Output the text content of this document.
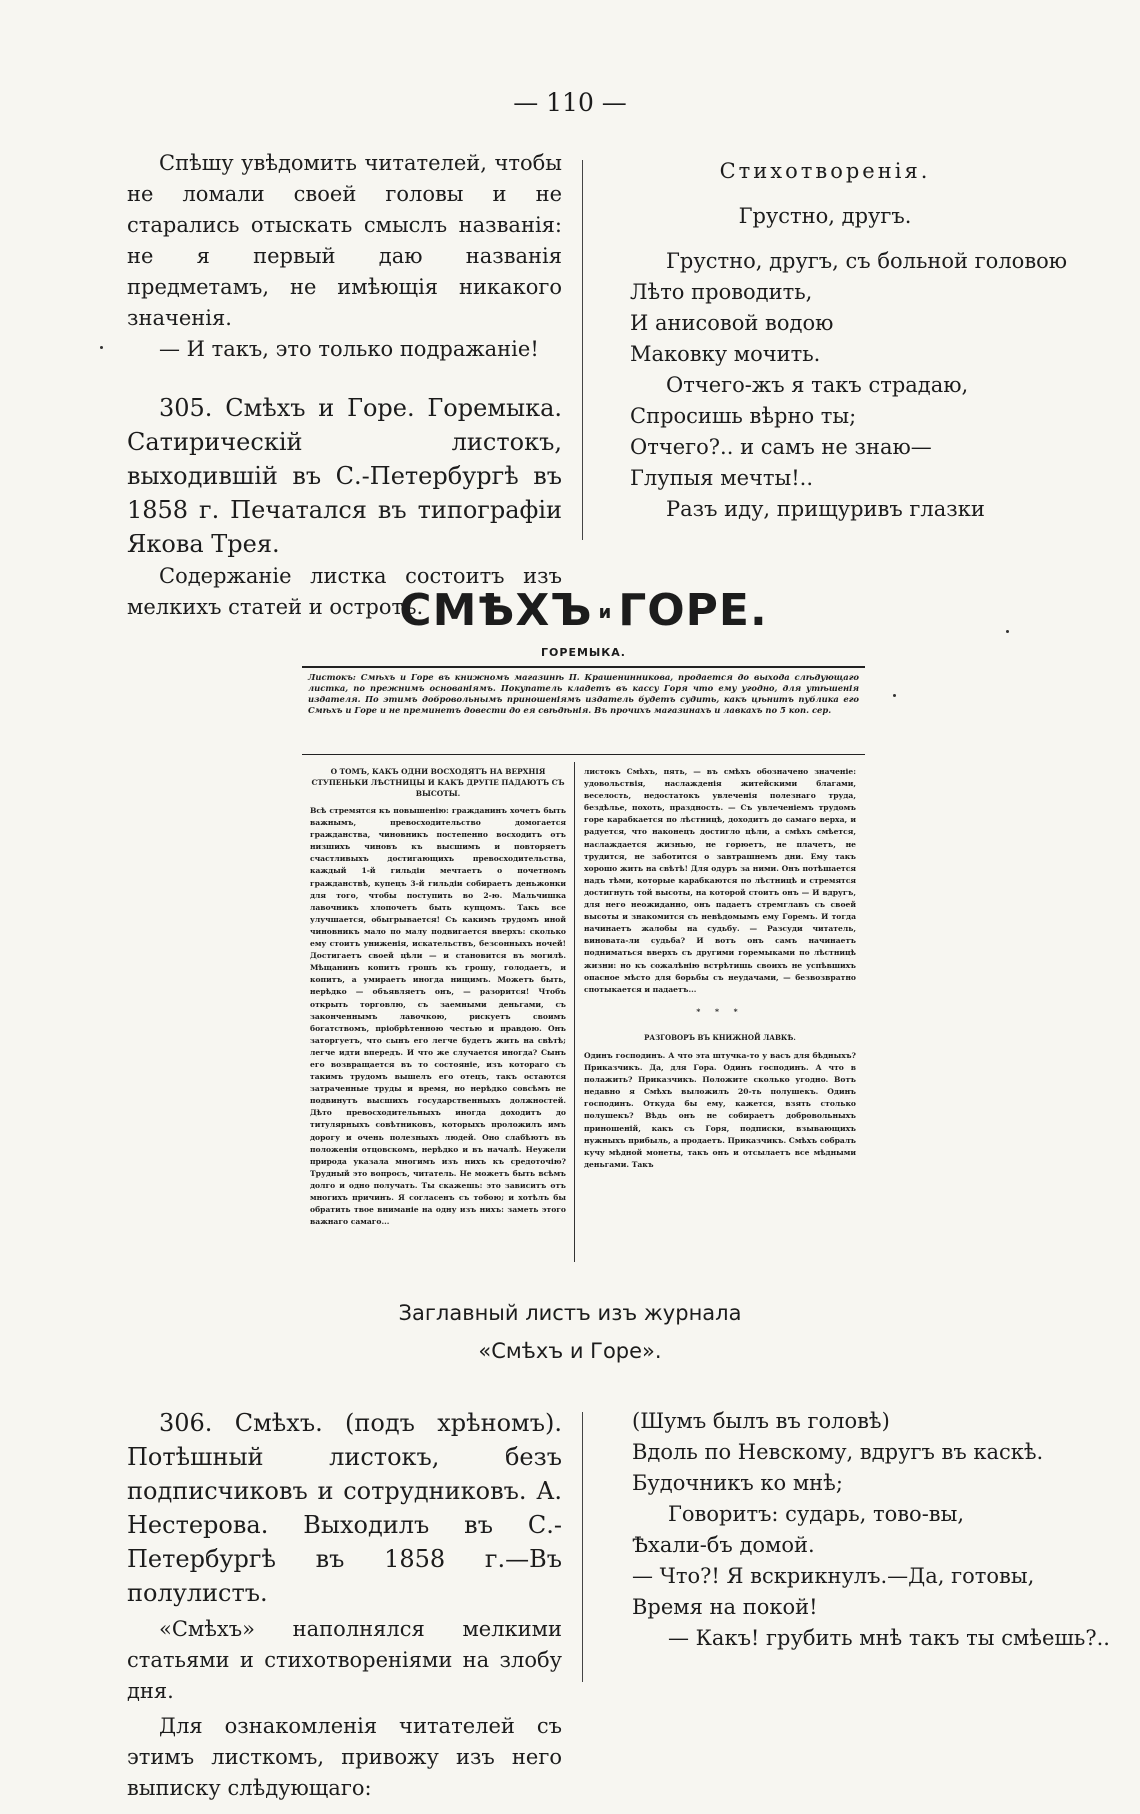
— 110 —

Спѣшу увѣдомить читателей, чтобы не ломали своей головы и не старались отыскать смыслъ названія: не я первый даю названія предметамъ, не имѣющія никакого значенія.

— И такъ, это только подражаніе!

305. Смѣхъ и Горе. Горемыка. Сатирическій листокъ, выходившій въ С.-Петербургѣ въ 1858 г. Печатался въ типографіи Якова Трея.

Содержаніе листка состоитъ изъ мелкихъ статей и остротъ.

Стихотворенія.

Грустно, другъ.

Грустно, другъ, съ больной головою

Лѣто проводить,

И анисовой водою

Маковку мочить.

Отчего-жъ я такъ страдаю,

Спросишь вѣрно ты;

Отчего?.. и самъ не знаю—

Глупыя мечты!..

Разъ иду, прищуривъ глазки

СМѢХЪ и ГОРЕ.
ГОРЕМЫКА.
Листокъ: Смѣхъ и Горе въ книжномъ магазинѣ П. Крашенинникова, продается до выхода слѣдующаго листка, по прежнимъ основаніямъ. Покупатель кладетъ въ кассу Горя что ему угодно, для утѣшенія издателя. По этимъ добровольнымъ приношеніямъ издатель будетъ судить, какъ цѣнитъ публика его Смѣхъ и Горе и не преминетъ довести до ея свѣдѣнія. Въ прочихъ магазинахъ и лавкахъ по 5 коп. сер.

О ТОМЪ, КАКЪ ОДНИ ВОСХОДЯТЪ НА ВЕРХНІЯ СТУПЕНЬКИ ЛѢСТНИЦЫ И КАКЪ ДРУГІЕ ПАДАЮТЪ СЪ ВЫСОТЫ.

Всѣ стремятся къ повышенію: гражданинъ хочетъ быть важнымъ, превосходительство домогается гражданства, чиновникъ постепенно восходитъ отъ низшихъ чиновъ къ высшимъ и повторяетъ счастливыхъ достигающихъ превосходительства, каждый 1-й гильдіи мечтаетъ о почетномъ гражданствѣ, купецъ 3-й гильдіи собираетъ деньжонки для того, чтобы поступить во 2-ю. Мальчишка лавочникъ хлопочетъ быть купцомъ. Такъ все улучшается, обыгрывается! Съ какимъ трудомъ иной чиновникъ мало по малу подвигается вверхъ: сколько ему стоитъ униженія, искательствъ, безсонныхъ ночей! Достигаетъ своей цѣли — и становится въ могилѣ. Мѣщанинъ копитъ грошъ къ грошу, голодаетъ, и копитъ, а умираетъ иногда нищимъ. Можетъ быть, нерѣдко — объявляетъ онъ, — разорится! Чтобъ открыть торговлю, съ заемными деньгами, съ законченнымъ лавочкою, рискуетъ своимъ богатствомъ, пріобрѣтенною честью и правдою. Онъ заторгуетъ, что сынъ его легче будетъ жить на свѣтѣ; легче идти впередъ. И что же случается иногда? Сынъ его возвращается въ то состояніе, изъ котораго съ такимъ трудомъ вышелъ его отецъ, такъ остаются затраченные труды и время, но нерѣдко совсѣмъ не подвинутъ высшихъ государственныхъ должностей. Дѣто превосходительныхъ иногда доходитъ до титулярныхъ совѣтниковъ, которыхъ проложилъ имъ дорогу и очень полезныхъ людей. Оно слабѣютъ въ положеніи отцовскомъ, нерѣдко и въ началѣ. Неужели природа указала многимъ изъ нихъ къ средоточію? Трудный это вопросъ, читатель. Не можетъ быть всѣмъ долго и одно получать. Ты скажешь: это зависитъ отъ многихъ причинъ. Я согласенъ съ тобою; и хотѣлъ бы обратить твое вниманіе на одну изъ нихъ: заметь этого важнаго самаго...

листокъ Смѣхъ, пять, — въ смѣхъ обозначено значеніе: удовольствія, наслажденія житейскими благами, веселость, недостатокъ увлеченія полезнаго труда, бездѣлье, похоть, праздность. — Съ увлеченіемъ трудомъ горе карабкается по лѣстницѣ, доходитъ до самаго верха, и радуется, что наконецъ достигло цѣли, а смѣхъ смѣется, наслаждается жизнью, не горюетъ, не плачетъ, не трудится, не заботится о завтрашнемъ дни. Ему такъ хорошо жить на свѣтѣ! Для одуръ за ними. Онъ потѣшается надъ тѣми, которые карабкаются по лѣстницѣ и стремятся достигнуть той высоты, на которой стоитъ онъ — И вдругъ, для него неожиданно, онъ падаетъ стремглавъ съ своей высоты и знакомится съ невѣдомымъ ему Горемъ. И тогда начинаетъ жалобы на судьбу. — Разсуди читатель, виновата-ли судьба? И вотъ онъ самъ начинаетъ подниматься вверхъ съ другими горемыками по лѣстницѣ жизни: но къ сожалѣнію встрѣтишь своихъ не успѣвшихъ опасное мѣсто для борьбы съ неудачами, — безвозвратно спотыкается и падаетъ...

* * *

РАЗГОВОРЪ ВЪ КНИЖНОЙ ЛАВКѢ.

Одинъ господинъ. А что эта штучка-то у васъ для бѣдныхъ? Приказчикъ. Да, для Гора. Одинъ господинъ. А что в полажить? Приказчикъ. Положите сколько угодно. Вотъ недавно я Смѣхъ выложилъ 20-ть полушекъ. Одинъ господинъ. Откуда бы ему, кажется, взять столько полушекъ? Вѣдь онъ не собираетъ добровольныхъ приношеній, какъ съ Горя, подписки, взывающихъ нужныхъ прибыль, а продаетъ. Приказчикъ. Смѣхъ собралъ кучу мѣдной монеты, такъ онъ и отсылаетъ все мѣдными деньгами. Такъ

Заглавный листъ изъ журнала
«Смѣхъ и Горе».

306. Смѣхъ. (подъ хрѣномъ). Потѣшный листокъ, безъ подписчиковъ и сотрудниковъ. А. Нестерова. Выходилъ въ С.-Петербургѣ въ 1858 г.—Въ полулистъ.

«Смѣхъ» наполнялся мелкими статьями и стихотвореніями на злобу дня.

Для ознакомленія читателей съ этимъ листкомъ, привожу изъ него выписку слѣдующаго:

(Шумъ былъ въ головѣ)

Вдоль по Невскому, вдругъ въ каскѣ.

Будочникъ ко мнѣ;

Говоритъ: сударь, тово-вы,

Ѣхали-бъ домой.

— Что?! Я вскрикнулъ.—Да, готовы,

Время на покой!

— Какъ! грубить мнѣ такъ ты смѣешь?..
